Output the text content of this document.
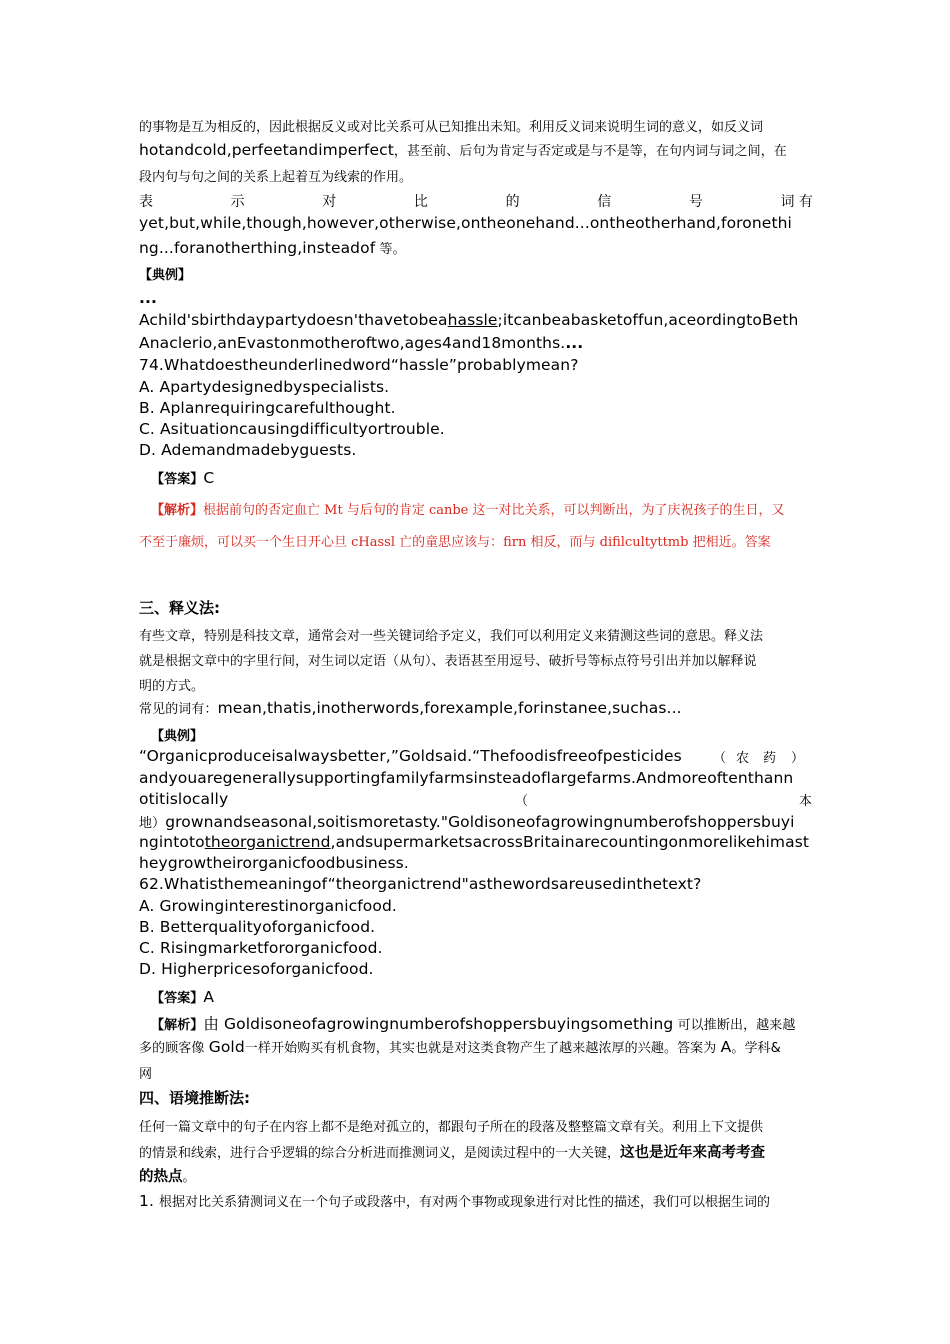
的事物是互为相反的，因此根据反义或对比关系可从已知推出未知。利用反义词来说明生词的意义，如反义词
hotandcold,perfeetandimperfect，甚至前、后句为肯定与否定或是与不是等，在句内词与词之间，在
段内句与句之间的关系上起着互为线索的作用。
表	示	对	比	的	信	号	词 有
yet,but,while,though,however,otherwise,ontheonehand...ontheotherhand,foronethi
ng...foranotherthing,insteadof 等。
【典例】
...
Achild'sbirthdaypartydoesn'thavetobeahassle;itcanbeabasketoffun,aceordingtoBeth
Anaclerio,anEvastonmotheroftwo,ages4and18months....
74.Whatdoestheunderlinedword“hassle”probablymean?
A. Apartydesignedbyspecialists.
B. Aplanrequiringcarefulthought.
C. Asituationcausingdifficultyortrouble.
D. Ademandmadebyguests.
【答案】C
【解析】根据前句的否定血亡 Mt 与后句的肯定 canbe 这一对比关系，可以判断出，为了庆祝孩子的生日，又
不至于廉烦，可以买一个生日开心旦 cHassl 亡的童思应该与：firn 相反，而与 difilcultyttmb 把相近。答案
三、释义法:
有些文章，特别是科技文章，通常会对一些关键词给予定义，我们可以利用定义来猜测这些词的意思。释义法
就是根据文章中的字里行间，对生词以定语（从句）、表语甚至用逗号、破折号等标点符号引出并加以解释说
明的方式。
常见的词有：mean,thatis,inotherwords,forexample,forinstanee,suchas...
【典例】
“Organicproduceisalwaysbetter,”Goldsaid.“Thefoodisfreeofpesticides （ 农 药 ）
andyouaregenerallysupportingfamilyfarmsinsteadoflargefarms.Andmoreoftenthann
otitislocally	（	本
地）grownandseasonal,soitismoretasty."Goldisoneofagrowingnumberofshoppersbuyi
ngintototheorganictrend,andsupermarketsacrossBritainarecountingonmorelikehimast
heygrowtheirorganicfoodbusiness.
62.Whatisthemeaningof“theorganictrend"asthewordsareusedinthetext?
A. Growinginterestinorganicfood.
B. Betterqualityoforganicfood.
C. Risingmarketfororganicfood.
D. Higherpricesoforganicfood.
【答案】A
【解析】由 Goldisoneofagrowingnumberofshoppersbuyingsomething 可以推断出，越来越
多的顾客像 Gold一样开始购买有机食物，其实也就是对这类食物产生了越来越浓厚的兴趣。答案为 A。学科&
网
四、语境推断法:
任何一篇文章中的句子在内容上都不是绝对孤立的，都跟句子所在的段落及整整篇文章有关。利用上下文提供
的情景和线索，进行合乎逻辑的综合分析进而推测词义，是阅读过程中的一大关键，这也是近年来高考考查
的热点。
1. 根据对比关系猜测词义在一个句子或段落中，有对两个事物或现象进行对比性的描述，我们可以根据生词的
